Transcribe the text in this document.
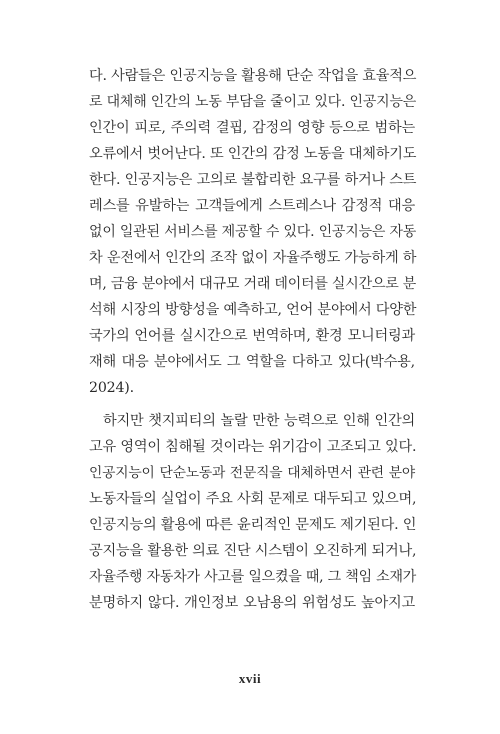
다. 사람들은 인공지능을 활용해 단순 작업을 효율적으
로 대체해 인간의 노동 부담을 줄이고 있다. 인공지능은
인간이 피로, 주의력 결핍, 감정의 영향 등으로 범하는
오류에서 벗어난다. 또 인간의 감정 노동을 대체하기도
한다. 인공지능은 고의로 불합리한 요구를 하거나 스트
레스를 유발하는 고객들에게 스트레스나 감정적 대응
없이 일관된 서비스를 제공할 수 있다. 인공지능은 자동
차 운전에서 인간의 조작 없이 자율주행도 가능하게 하
며, 금융 분야에서 대규모 거래 데이터를 실시간으로 분
석해 시장의 방향성을 예측하고, 언어 분야에서 다양한
국가의 언어를 실시간으로 번역하며, 환경 모니터링과
재해 대응 분야에서도 그 역할을 다하고 있다(박수용,
2024).
하지만 챗지피티의 놀랄 만한 능력으로 인해 인간의
고유 영역이 침해될 것이라는 위기감이 고조되고 있다.
인공지능이 단순노동과 전문직을 대체하면서 관련 분야
노동자들의 실업이 주요 사회 문제로 대두되고 있으며,
인공지능의 활용에 따른 윤리적인 문제도 제기된다. 인
공지능을 활용한 의료 진단 시스템이 오진하게 되거나,
자율주행 자동차가 사고를 일으켰을 때, 그 책임 소재가
분명하지 않다. 개인정보 오남용의 위험성도 높아지고
xvii
